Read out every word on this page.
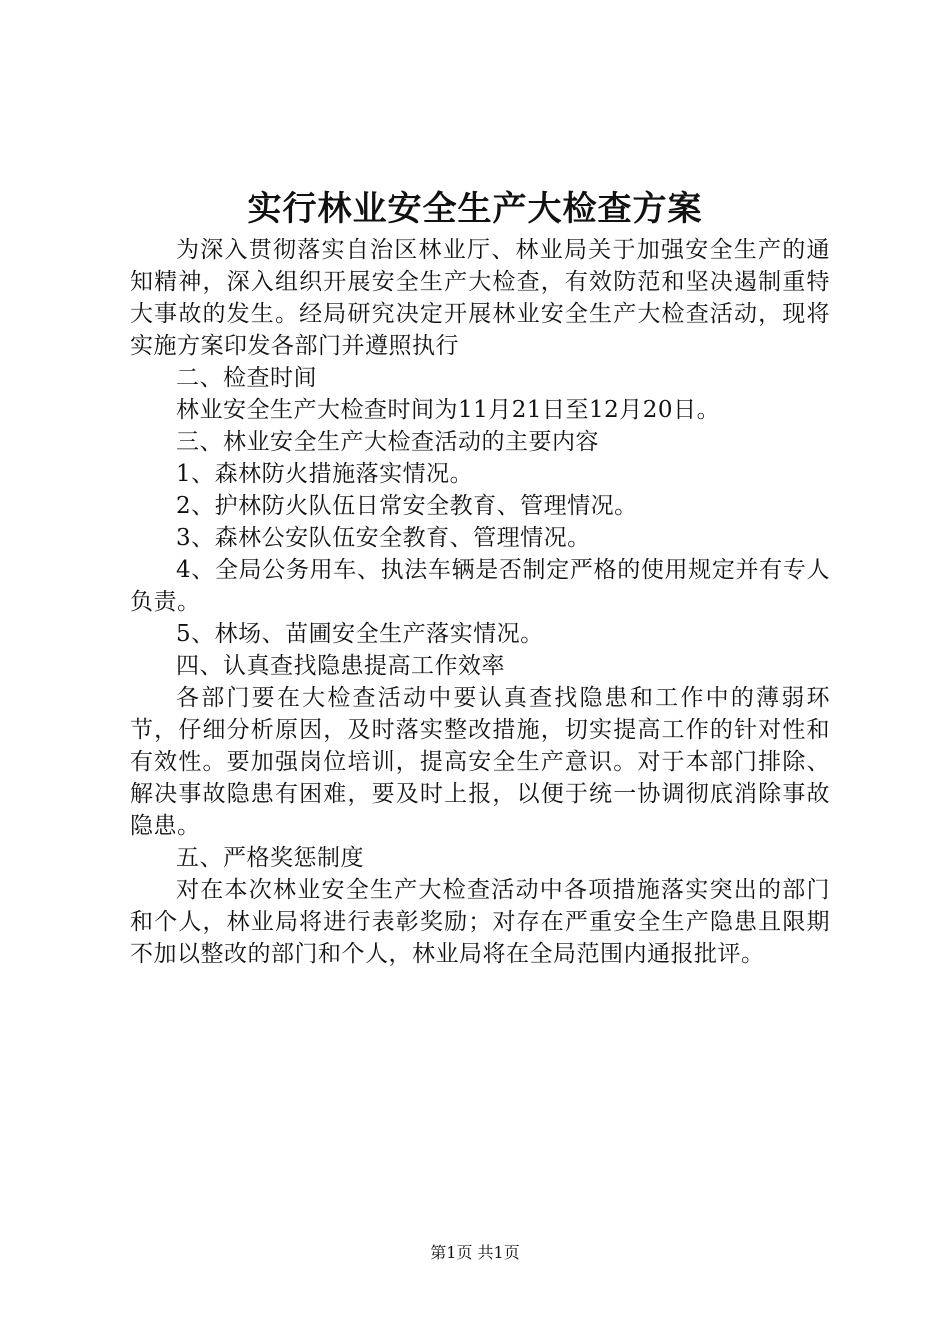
实行林业安全生产大检查方案

为深入贯彻落实自治区林业厅、林业局关于加强安全生产的通知精神，深入组织开展安全生产大检查，有效防范和坚决遏制重特大事故的发生。经局研究决定开展林业安全生产大检查活动，现将实施方案印发各部门并遵照执行

二、检查时间

林业安全生产大检查时间为11月21日至12月20日。

三、林业安全生产大检查活动的主要内容

1、森林防火措施落实情况。

2、护林防火队伍日常安全教育、管理情况。

3、森林公安队伍安全教育、管理情况。

4、全局公务用车、执法车辆是否制定严格的使用规定并有专人负责。

5、林场、苗圃安全生产落实情况。

四、认真查找隐患提高工作效率

各部门要在大检查活动中要认真查找隐患和工作中的薄弱环节，仔细分析原因，及时落实整改措施，切实提高工作的针对性和有效性。要加强岗位培训，提高安全生产意识。对于本部门排除、解决事故隐患有困难，要及时上报，以便于统一协调彻底消除事故隐患。

五、严格奖惩制度

对在本次林业安全生产大检查活动中各项措施落实突出的部门和个人，林业局将进行表彰奖励；对存在严重安全生产隐患且限期不加以整改的部门和个人，林业局将在全局范围内通报批评。

第1页 共1页
